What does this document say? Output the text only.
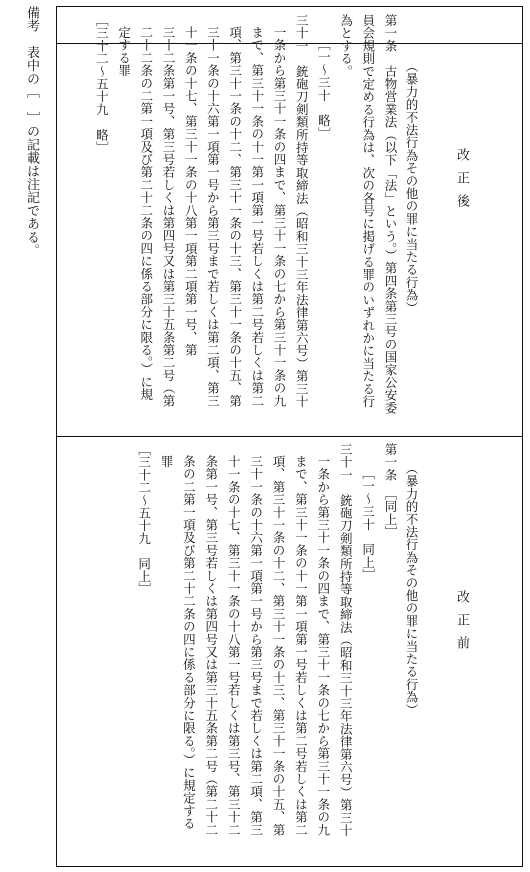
改正後
改正前
（暴力的不法行為その他の罪に当たる行為）
第一条　古物営業法（以下「法」という。）第四条第三号の国家公安委
員会規則で定める行為は、次の各号に掲げる罪のいずれかに当たる行
為とする。
［一～三十　略］
三十一　銃砲刀剣類所持等取締法（昭和三十三年法律第六号）第三十
一条から第三十一条の四まで、第三十一条の七から第三十一条の九
まで、第三十一条の十一第一項第一号若しくは第二号若しくは第二
項、第三十一条の十二、第三十一条の十三、第三十一条の十五、第
三十一条の十六第一項第一号から第三号まで若しくは第二項、第三
十一条の十七、第三十一条の十八第一項第二項第一号、第
三十二条第一号、第三号若しくは第四号又は第三十五条第二号（第
二十二条の二第一項及び第二十二条の四に係る部分に限る。）に規
定する罪
［三十二～五十九　略］
（暴力的不法行為その他の罪に当たる行為）
第一条　［同上］
［一～三十　同上］
三十一　銃砲刀剣類所持等取締法（昭和三十三年法律第六号）第三十
一条から第三十一条の四まで、第三十一条の七から第三十一条の九
まで、第三十一条の十一第一項第一号若しくは第二号若しくは第二
項、第三十一条の十二、第三十一条の十三、第三十一条の十五、第
三十一条の十六第一項第一号から第三号まで若しくは第二項、第三
十一条の十七、第三十一条の十八第一号若しくは第三号、第三十二
条第一号、第三号若しくは第四号又は第三十五条第二号（第二十二
条の二第一項及び第二十二条の四に係る部分に限る。）に規定する
罪
［三十二～五十九　同上］
備考　表中の［　］の記載は注記である。
